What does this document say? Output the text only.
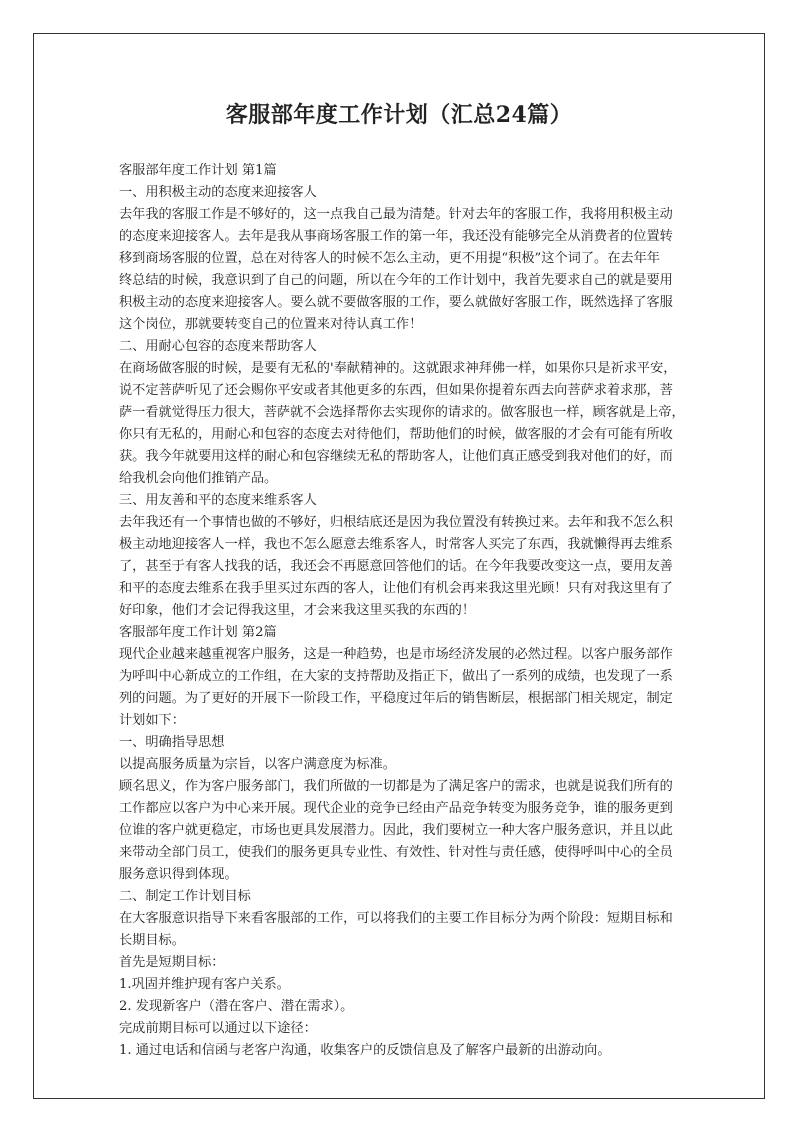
客服部年度工作计划（汇总24篇）
客服部年度工作计划 第1篇
一、用积极主动的态度来迎接客人
去年我的客服工作是不够好的，这一点我自己最为清楚。针对去年的客服工作，我将用积极主动
的态度来迎接客人。去年是我从事商场客服工作的第一年，我还没有能够完全从消费者的位置转
移到商场客服的位置，总在对待客人的时候不怎么主动，更不用提“积极”这个词了。在去年年
终总结的时候，我意识到了自己的问题，所以在今年的工作计划中，我首先要求自己的就是要用
积极主动的态度来迎接客人。要么就不要做客服的工作，要么就做好客服工作，既然选择了客服
这个岗位，那就要转变自己的位置来对待认真工作！
二、用耐心包容的态度来帮助客人
在商场做客服的时候，是要有无私的'奉献精神的。这就跟求神拜佛一样，如果你只是祈求平安，
说不定菩萨听见了还会赐你平安或者其他更多的东西，但如果你提着东西去向菩萨求着求那，菩
萨一看就觉得压力很大，菩萨就不会选择帮你去实现你的请求的。做客服也一样，顾客就是上帝，
你只有无私的，用耐心和包容的态度去对待他们，帮助他们的时候，做客服的才会有可能有所收
获。我今年就要用这样的耐心和包容继续无私的帮助客人，让他们真正感受到我对他们的好，而
给我机会向他们推销产品。
三、用友善和平的态度来维系客人
去年我还有一个事情也做的不够好，归根结底还是因为我位置没有转换过来。去年和我不怎么积
极主动地迎接客人一样，我也不怎么愿意去维系客人，时常客人买完了东西，我就懒得再去维系
了，甚至于有客人找我的话，我还会不再愿意回答他们的话。在今年我要改变这一点，要用友善
和平的态度去维系在我手里买过东西的客人，让他们有机会再来我这里光顾！只有对我这里有了
好印象，他们才会记得我这里，才会来我这里买我的东西的！
客服部年度工作计划 第2篇
现代企业越来越重视客户服务，这是一种趋势，也是市场经济发展的必然过程。以客户服务部作
为呼叫中心新成立的工作组，在大家的支持帮助及指正下，做出了一系列的成绩，也发现了一系
列的问题。为了更好的开展下一阶段工作，平稳度过年后的销售断层，根据部门相关规定，制定
计划如下：
一、明确指导思想
以提高服务质量为宗旨，以客户满意度为标准。
顾名思义，作为客户服务部门，我们所做的一切都是为了满足客户的需求，也就是说我们所有的
工作都应以客户为中心来开展。现代企业的竞争已经由产品竞争转变为服务竞争，谁的服务更到
位谁的客户就更稳定，市场也更具发展潜力。因此，我们要树立一种大客户服务意识，并且以此
来带动全部门员工，使我们的服务更具专业性、有效性、针对性与责任感，使得呼叫中心的全员
服务意识得到体现。
二、制定工作计划目标
在大客服意识指导下来看客服部的工作，可以将我们的主要工作目标分为两个阶段：短期目标和
长期目标。
首先是短期目标：
1.巩固并维护现有客户关系。
2. 发现新客户（潜在客户、潜在需求）。
完成前期目标可以通过以下途径：
1. 通过电话和信函与老客户沟通，收集客户的反馈信息及了解客户最新的出游动向。
